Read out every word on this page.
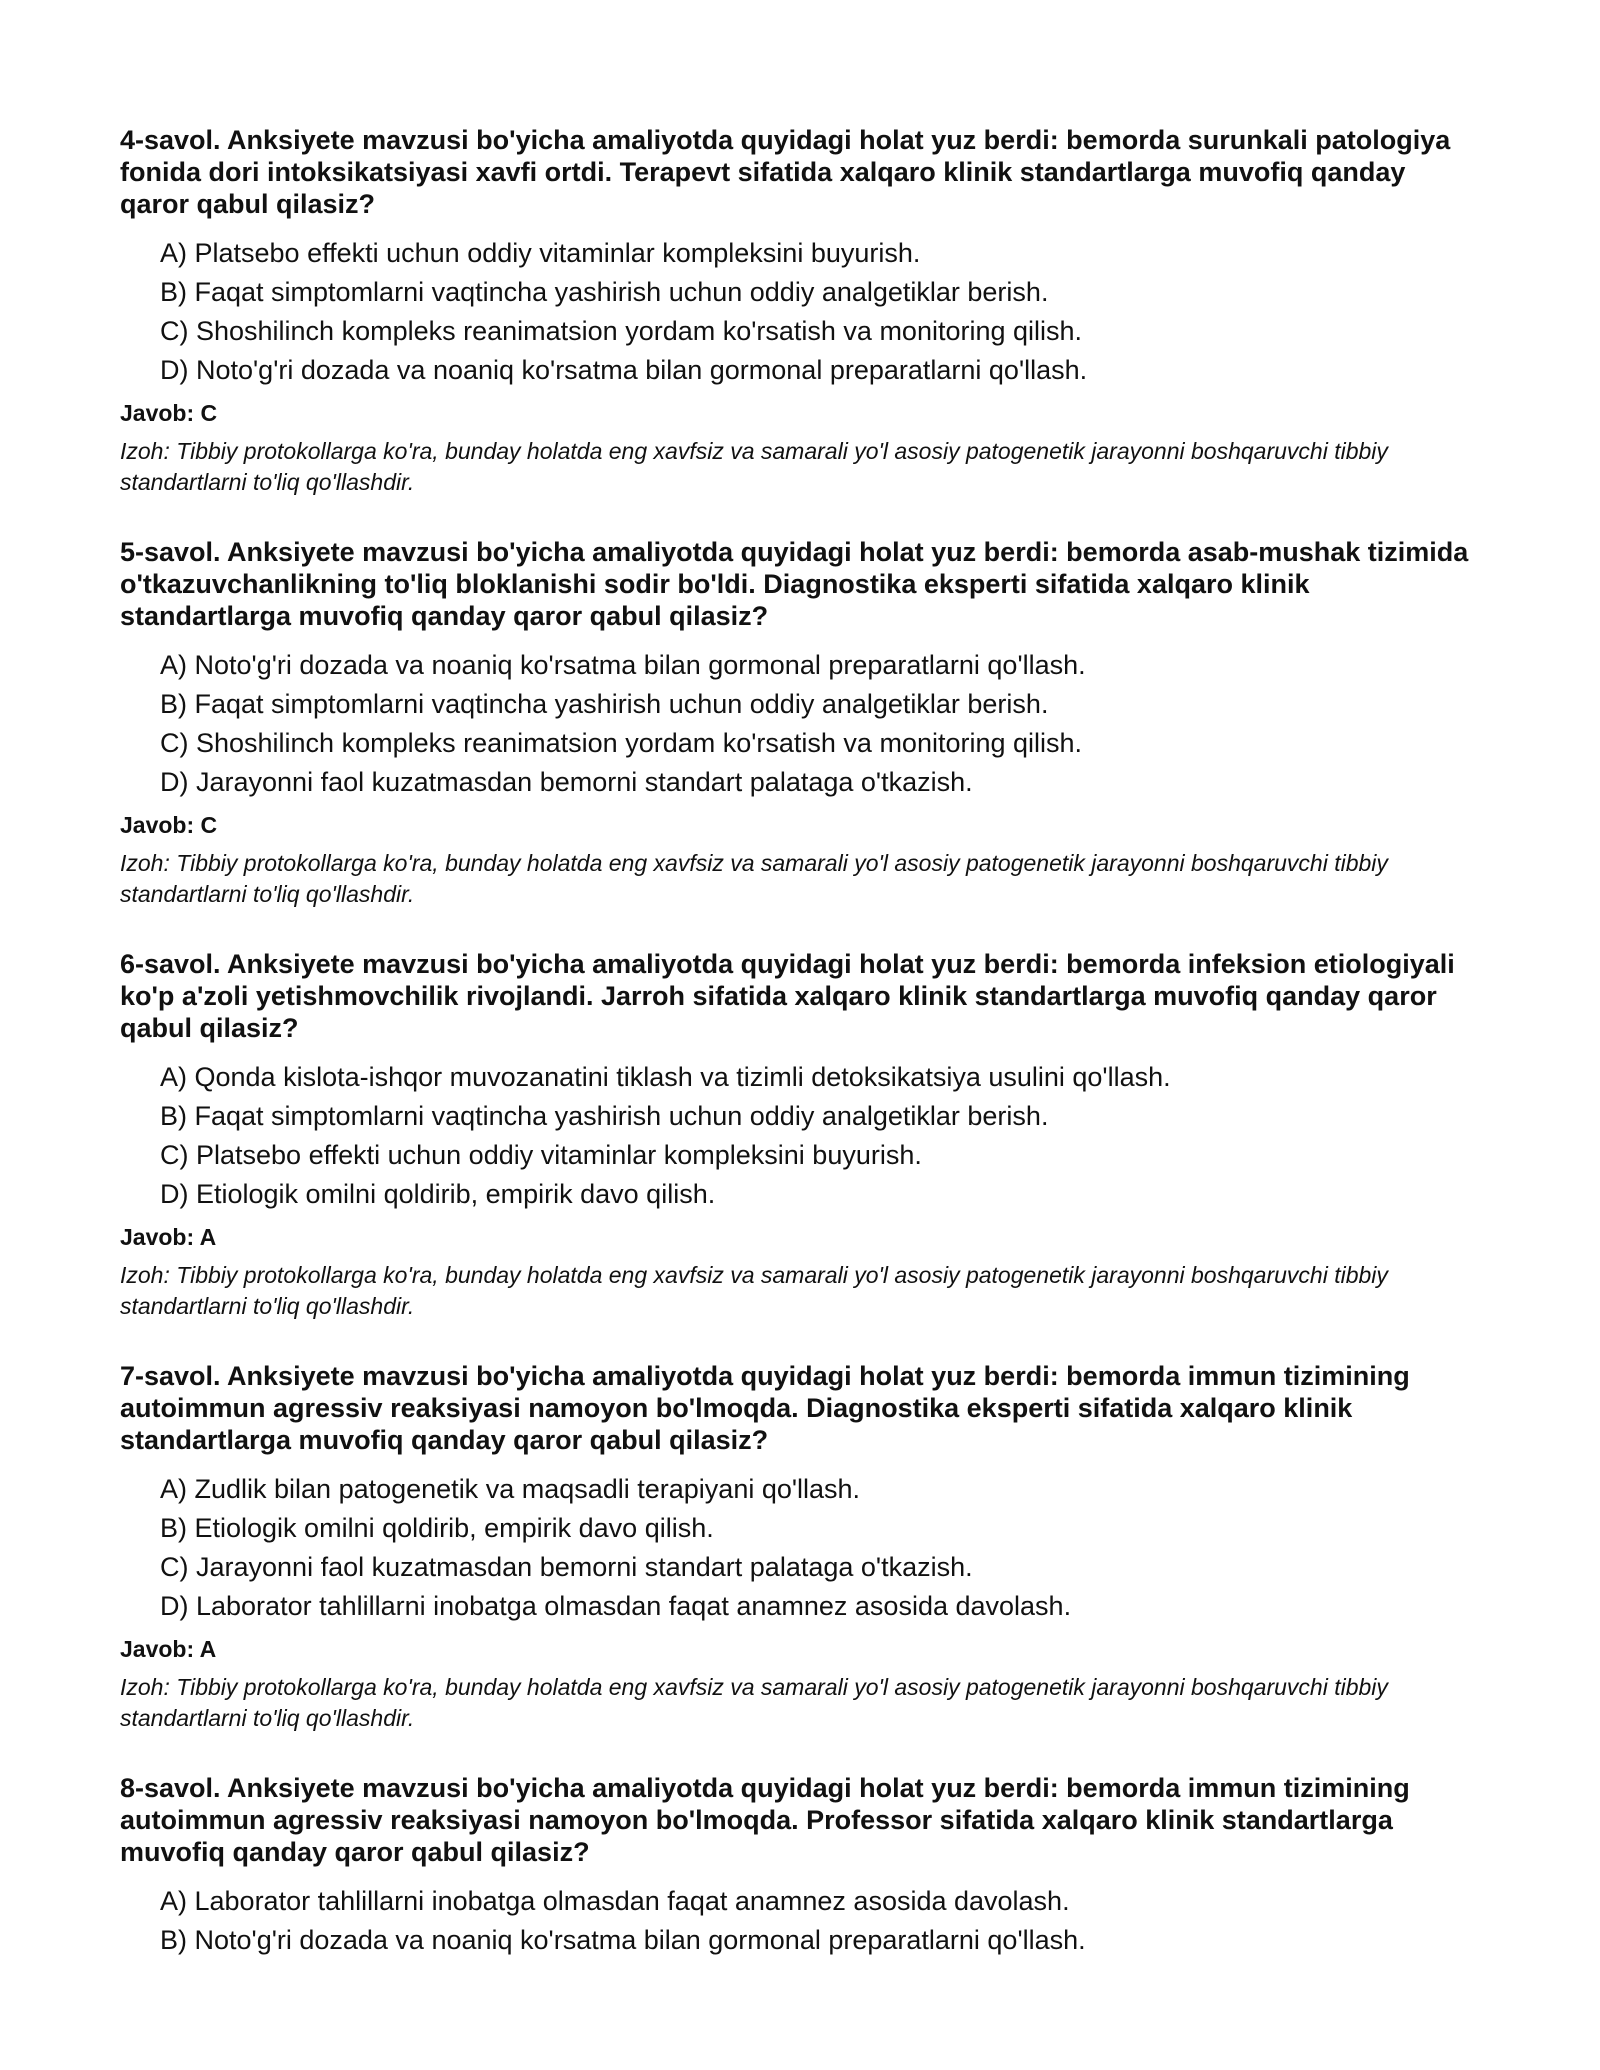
4-savol. Anksiyete mavzusi bo'yicha amaliyotda quyidagi holat yuz berdi: bemorda surunkali patologiya fonida dori intoksikatsiyasi xavfi ortdi. Terapevt sifatida xalqaro klinik standartlarga muvofiq qanday qaror qabul qilasiz?
A) Platsebo effekti uchun oddiy vitaminlar kompleksini buyurish.
B) Faqat simptomlarni vaqtincha yashirish uchun oddiy analgetiklar berish.
C) Shoshilinch kompleks reanimatsion yordam ko'rsatish va monitoring qilish.
D) Noto'g'ri dozada va noaniq ko'rsatma bilan gormonal preparatlarni qo'llash.
Javob: C
Izoh: Tibbiy protokollarga ko'ra, bunday holatda eng xavfsiz va samarali yo'l asosiy patogenetik jarayonni boshqaruvchi tibbiy standartlarni to'liq qo'llashdir.
5-savol. Anksiyete mavzusi bo'yicha amaliyotda quyidagi holat yuz berdi: bemorda asab-mushak tizimida o'tkazuvchanlikning to'liq bloklanishi sodir bo'ldi. Diagnostika eksperti sifatida xalqaro klinik standartlarga muvofiq qanday qaror qabul qilasiz?
A) Noto'g'ri dozada va noaniq ko'rsatma bilan gormonal preparatlarni qo'llash.
B) Faqat simptomlarni vaqtincha yashirish uchun oddiy analgetiklar berish.
C) Shoshilinch kompleks reanimatsion yordam ko'rsatish va monitoring qilish.
D) Jarayonni faol kuzatmasdan bemorni standart palataga o'tkazish.
Javob: C
Izoh: Tibbiy protokollarga ko'ra, bunday holatda eng xavfsiz va samarali yo'l asosiy patogenetik jarayonni boshqaruvchi tibbiy standartlarni to'liq qo'llashdir.
6-savol. Anksiyete mavzusi bo'yicha amaliyotda quyidagi holat yuz berdi: bemorda infeksion etiologiyali ko'p a'zoli yetishmovchilik rivojlandi. Jarroh sifatida xalqaro klinik standartlarga muvofiq qanday qaror qabul qilasiz?
A) Qonda kislota-ishqor muvozanatini tiklash va tizimli detoksikatsiya usulini qo'llash.
B) Faqat simptomlarni vaqtincha yashirish uchun oddiy analgetiklar berish.
C) Platsebo effekti uchun oddiy vitaminlar kompleksini buyurish.
D) Etiologik omilni qoldirib, empirik davo qilish.
Javob: A
Izoh: Tibbiy protokollarga ko'ra, bunday holatda eng xavfsiz va samarali yo'l asosiy patogenetik jarayonni boshqaruvchi tibbiy standartlarni to'liq qo'llashdir.
7-savol. Anksiyete mavzusi bo'yicha amaliyotda quyidagi holat yuz berdi: bemorda immun tizimining autoimmun agressiv reaksiyasi namoyon bo'lmoqda. Diagnostika eksperti sifatida xalqaro klinik standartlarga muvofiq qanday qaror qabul qilasiz?
A) Zudlik bilan patogenetik va maqsadli terapiyani qo'llash.
B) Etiologik omilni qoldirib, empirik davo qilish.
C) Jarayonni faol kuzatmasdan bemorni standart palataga o'tkazish.
D) Laborator tahlillarni inobatga olmasdan faqat anamnez asosida davolash.
Javob: A
Izoh: Tibbiy protokollarga ko'ra, bunday holatda eng xavfsiz va samarali yo'l asosiy patogenetik jarayonni boshqaruvchi tibbiy standartlarni to'liq qo'llashdir.
8-savol. Anksiyete mavzusi bo'yicha amaliyotda quyidagi holat yuz berdi: bemorda immun tizimining autoimmun agressiv reaksiyasi namoyon bo'lmoqda. Professor sifatida xalqaro klinik standartlarga muvofiq qanday qaror qabul qilasiz?
A) Laborator tahlillarni inobatga olmasdan faqat anamnez asosida davolash.
B) Noto'g'ri dozada va noaniq ko'rsatma bilan gormonal preparatlarni qo'llash.
